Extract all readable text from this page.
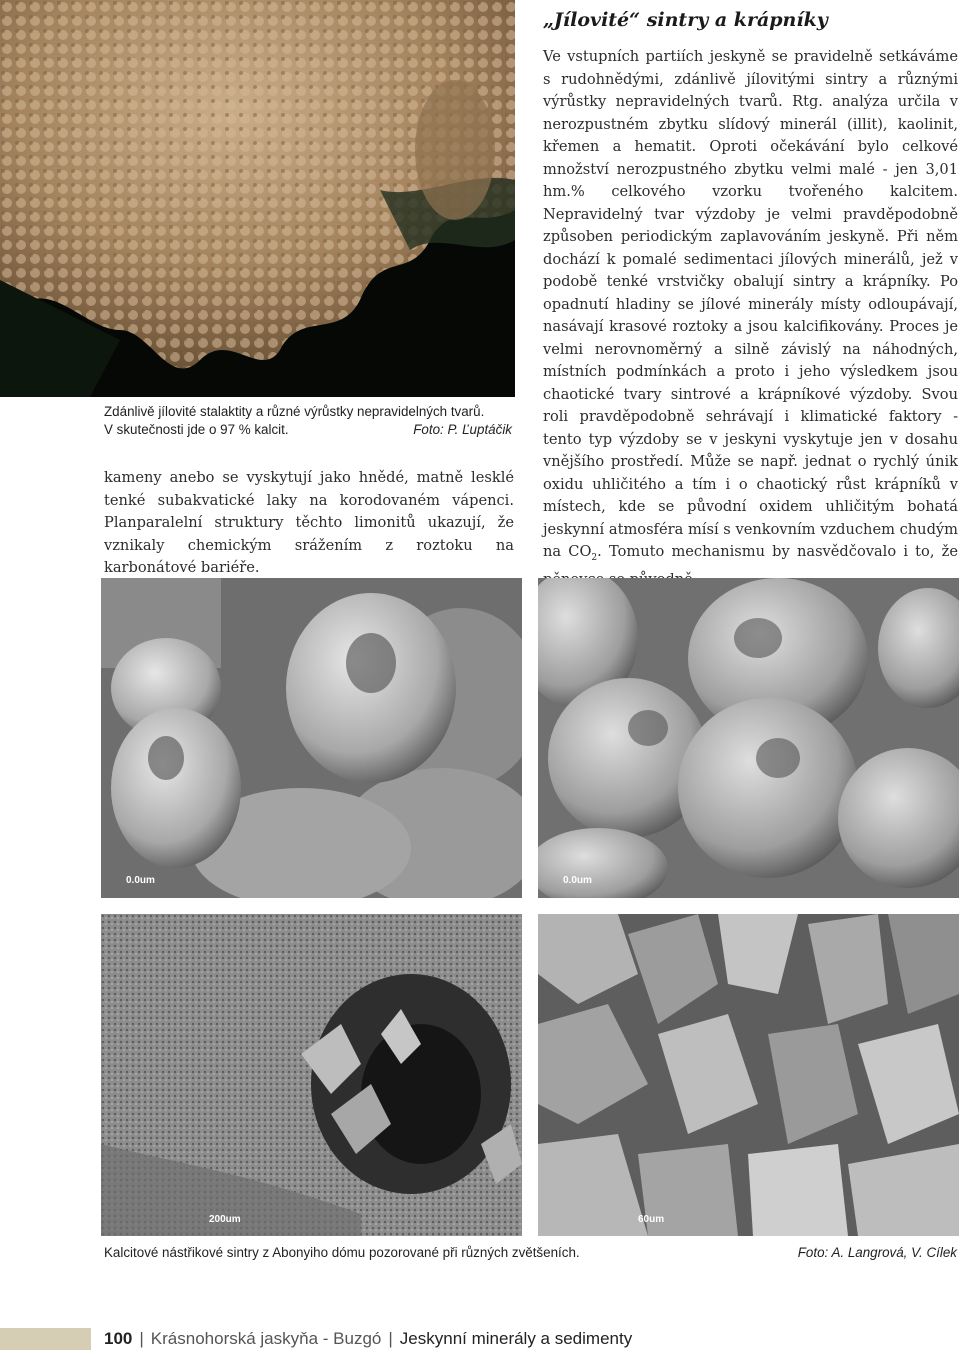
Zdánlivě jílovité stalaktity a různé výrůstky nepravidelných tvarů.
V skutečnosti jde o 97 % kalcit.	Foto: P. Ľuptáčik

kameny anebo se vyskytují jako hnědé, matně lesklé tenké subakvatické laky na korodovaném vápenci. Planparalelní struktury těchto limonitů ukazují, že vznikaly chemickým srážením z roztoku na karbonátové bariéře.

„Jílovité“ sintry a krápníky

Ve vstupních partiích jeskyně se pravidelně setkáváme s rudohnědými, zdánlivě jílovitými sintry a různými výrůstky nepravidelných tvarů. Rtg. analýza určila v nerozpustném zbytku slídový minerál (illit), kaolinit, křemen a hematit. Oproti očekávání bylo celkové množství nerozpustného zbytku velmi malé - jen 3,01 hm.% celkového vzorku tvořeného kalcitem. Nepravidelný tvar výzdoby je velmi pravděpodobně způsoben periodickým zaplavováním jeskyně. Při něm dochází k pomalé sedimentaci jílových minerálů, jež v podobě tenké vrstvičky obalují sintry a krápníky. Po opadnutí hladiny se jílové minerály místy odloupávají, nasávají krasové roztoky a jsou kalcifikovány. Proces je velmi nerovnoměrný a silně závislý na náhodných, místních podmínkách a proto i jeho výsledkem jsou chaotické tvary sintrové a krápníkové výzdoby. Svou roli pravděpodobně sehrávají i klimatické faktory - tento typ výzdoby se v jeskyni vyskytuje jen v dosahu vnějšího prostředí. Může se např. jednat o rychlý únik oxidu uhličitého a tím i o chaotický růst krápníků v místech, kde se původní oxidem uhličitým bohatá jeskynní atmosféra mísí s venkovním vzduchem chudým na $CO_2$. Tomuto mechanismu by nasvědčovalo i to, že

0.0um	0.0um
200um	60um
Kalcitové nástřikové sintry z Abonyiho dómu pozorované při různých zvětšeních.	Foto: A. Langrová, V. Cílek
100 | Krásnohorská jaskyňa - Buzgó | Jeskynní minerály a sedimenty
